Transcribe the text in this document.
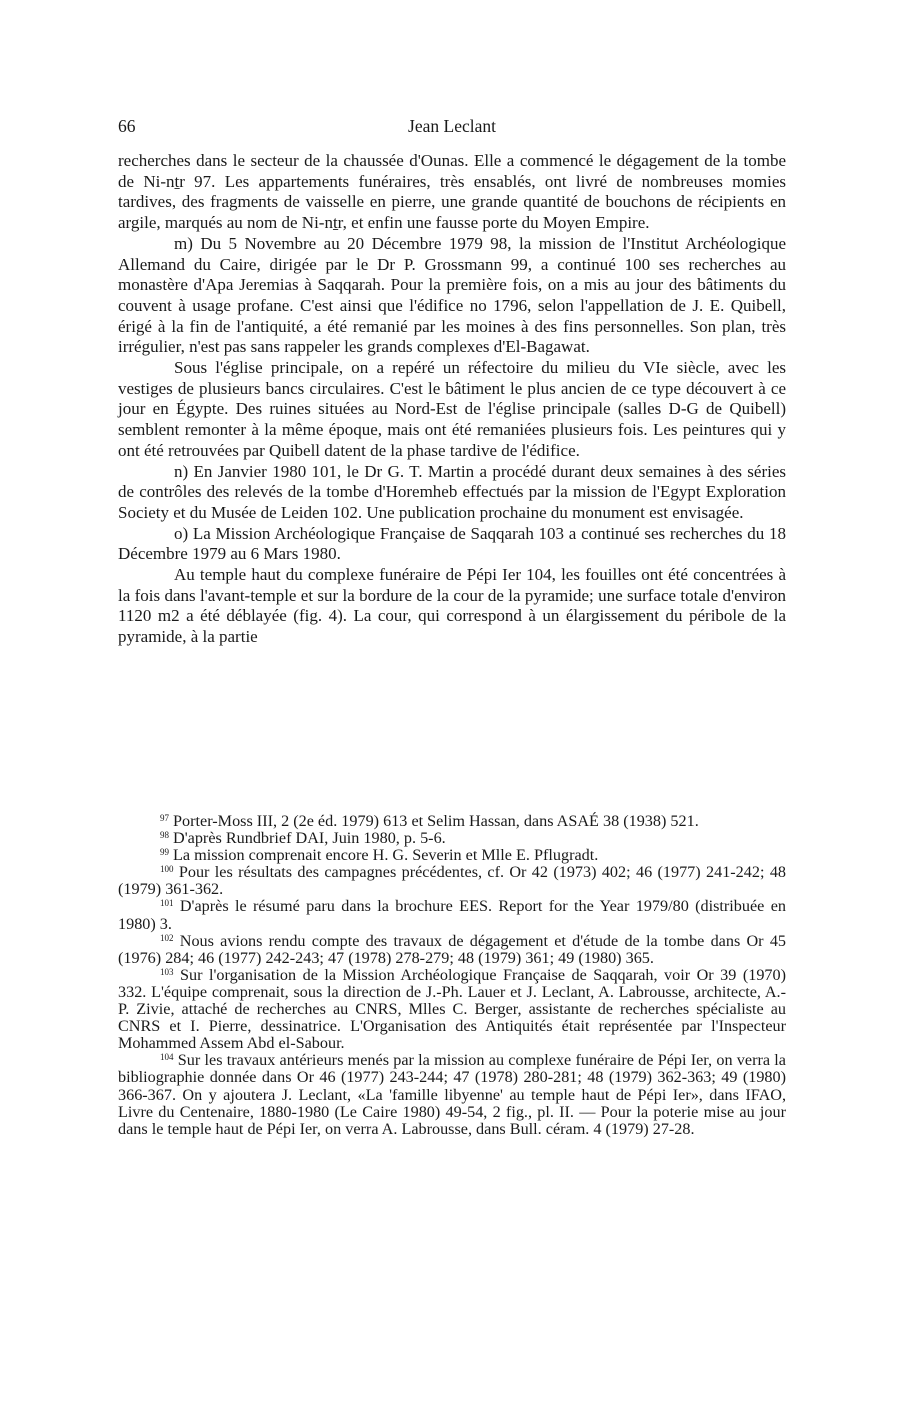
66	Jean Leclant

recherches dans le secteur de la chaussée d'Ounas. Elle a commencé le dégagement de la tombe de Ni-nṯr 97. Les appartements funéraires, très ensablés, ont livré de nombreuses momies tardives, des fragments de vaisselle en pierre, une grande quantité de bouchons de récipients en argile, marqués au nom de Ni-nṯr, et enfin une fausse porte du Moyen Empire.

m) Du 5 Novembre au 20 Décembre 1979 98, la mission de l'Institut Archéologique Allemand du Caire, dirigée par le Dr P. Grossmann 99, a continué 100 ses recherches au monastère d'Apa Jeremias à Saqqarah. Pour la première fois, on a mis au jour des bâtiments du couvent à usage profane. C'est ainsi que l'édifice no 1796, selon l'appellation de J. E. Quibell, érigé à la fin de l'antiquité, a été remanié par les moines à des fins personnelles. Son plan, très irrégulier, n'est pas sans rappeler les grands complexes d'El-Bagawat.

Sous l'église principale, on a repéré un réfectoire du milieu du VIe siècle, avec les vestiges de plusieurs bancs circulaires. C'est le bâtiment le plus ancien de ce type découvert à ce jour en Égypte. Des ruines situées au Nord-Est de l'église principale (salles D-G de Quibell) semblent remonter à la même époque, mais ont été remaniées plusieurs fois. Les peintures qui y ont été retrouvées par Quibell datent de la phase tardive de l'édifice.

n) En Janvier 1980 101, le Dr G. T. Martin a procédé durant deux semaines à des séries de contrôles des relevés de la tombe d'Horemheb effectués par la mission de l'Egypt Exploration Society et du Musée de Leiden 102. Une publication prochaine du monument est envisagée.

o) La Mission Archéologique Française de Saqqarah 103 a continué ses recherches du 18 Décembre 1979 au 6 Mars 1980.

Au temple haut du complexe funéraire de Pépi Ier 104, les fouilles ont été concentrées à la fois dans l'avant-temple et sur la bordure de la cour de la pyramide; une surface totale d'environ 1120 m2 a été déblayée (fig. 4). La cour, qui correspond à un élargissement du péribole de la pyramide, à la partie

$^{97}$ Porter-Moss III, 2 (2e éd. 1979) 613 et Selim Hassan, dans ASAÉ 38 (1938) 521.

$^{98}$ D'après Rundbrief DAI, Juin 1980, p. 5-6.

$^{99}$ La mission comprenait encore H. G. Severin et Mlle E. Pflugradt.

$^{100}$ Pour les résultats des campagnes précédentes, cf. Or 42 (1973) 402; 46 (1977) 241-242; 48 (1979) 361-362.

$^{101}$ D'après le résumé paru dans la brochure EES. Report for the Year 1979/80 (distribuée en 1980) 3.

$^{102}$ Nous avions rendu compte des travaux de dégagement et d'étude de la tombe dans Or 45 (1976) 284; 46 (1977) 242-243; 47 (1978) 278-279; 48 (1979) 361; 49 (1980) 365.

$^{103}$ Sur l'organisation de la Mission Archéologique Française de Saqqarah, voir Or 39 (1970) 332. L'équipe comprenait, sous la direction de J.-Ph. Lauer et J. Leclant, A. Labrousse, architecte, A.-P. Zivie, attaché de recherches au CNRS, Mlles C. Berger, assistante de recherches spécialiste au CNRS et I. Pierre, dessinatrice. L'Organisation des Antiquités était représentée par l'Inspecteur Mohammed Assem Abd el-Sabour.

$^{104}$ Sur les travaux antérieurs menés par la mission au complexe funéraire de Pépi Ier, on verra la bibliographie donnée dans Or 46 (1977) 243-244; 47 (1978) 280-281; 48 (1979) 362-363; 49 (1980) 366-367. On y ajoutera J. Leclant, «La 'famille libyenne' au temple haut de Pépi Ier», dans IFAO, Livre du Centenaire, 1880-1980 (Le Caire 1980) 49-54, 2 fig., pl. II. — Pour la poterie mise au jour dans le temple haut de Pépi Ier, on verra A. Labrousse, dans Bull. céram. 4 (1979) 27-28.
